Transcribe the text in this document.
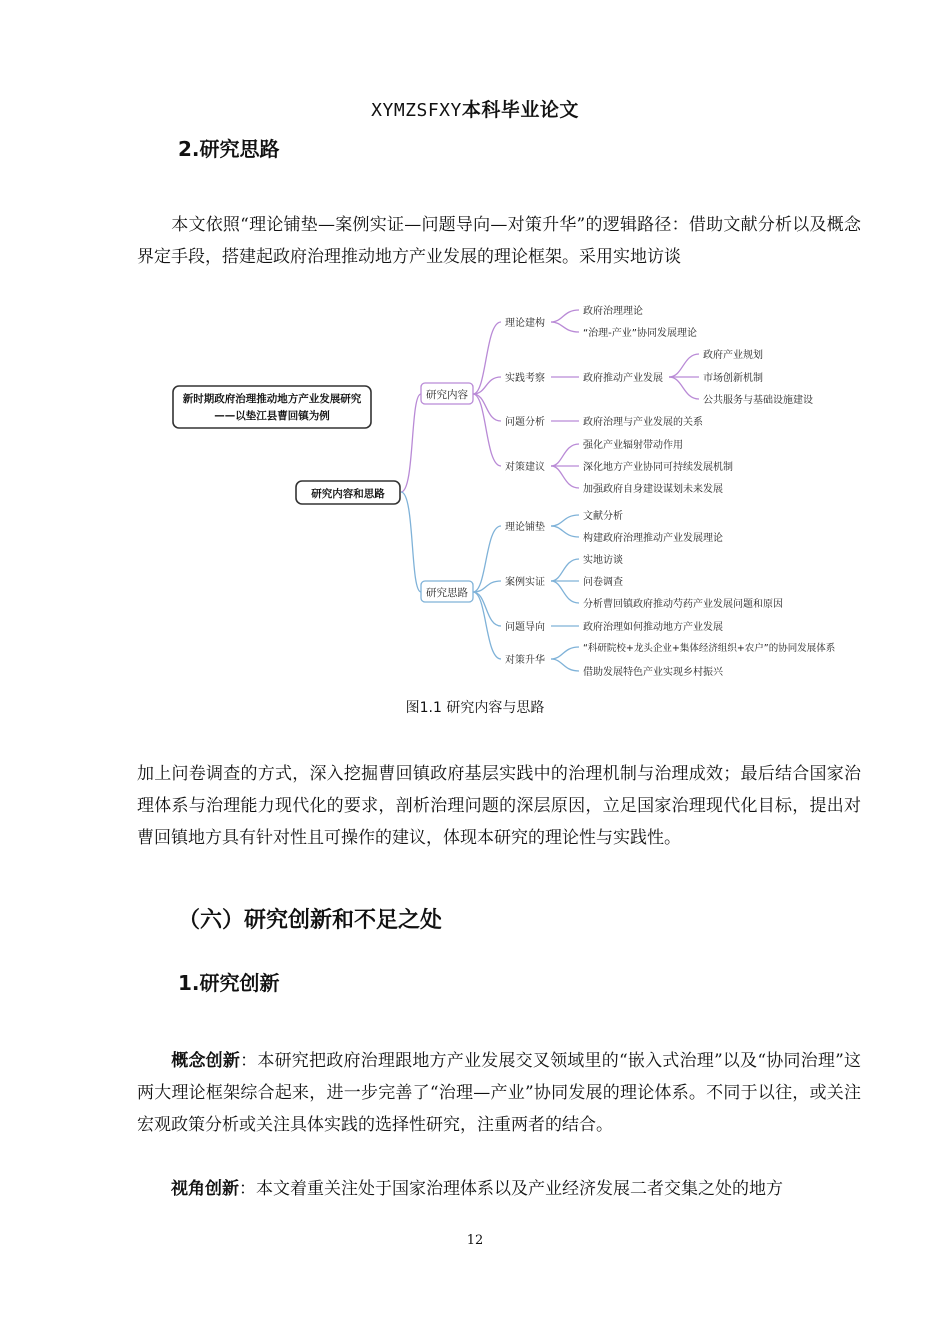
XYMZSFXY本科毕业论文
2.研究思路
本文依照“理论铺垫—案例实证—问题导向—对策升华”的逻辑路径：借助文献分析以及概念界定手段，搭建起政府治理推动地方产业发展的理论框架。采用实地访谈
新时期政府治理推动地方产业发展研究
——以垫江县曹回镇为例
研究内容和思路
研究内容
研究思路
理论建构
实践考察
问题分析
对策建议
政府治理理论
“治理-产业”协同发展理论
政府推动产业发展
政府产业规划
市场创新机制
公共服务与基础设施建设
政府治理与产业发展的关系
强化产业辐射带动作用
深化地方产业协同可持续发展机制
加强政府自身建设谋划未来发展
理论铺垫
案例实证
问题导向
对策升华
文献分析
构建政府治理推动产业发展理论
实地访谈
问卷调查
分析曹回镇政府推动芍药产业发展问题和原因
政府治理如何推动地方产业发展
“科研院校+龙头企业+集体经济组织+农户”的协同发展体系
借助发展特色产业实现乡村振兴
图1.1 研究内容与思路
加上问卷调查的方式，深入挖掘曹回镇政府基层实践中的治理机制与治理成效；最后结合国家治理体系与治理能力现代化的要求，剖析治理问题的深层原因，立足国家治理现代化目标，提出对曹回镇地方具有针对性且可操作的建议，体现本研究的理论性与实践性。
（六）研究创新和不足之处
1.研究创新
概念创新：本研究把政府治理跟地方产业发展交叉领域里的“嵌入式治理”以及“协同治理”这两大理论框架综合起来，进一步完善了“治理—产业”协同发展的理论体系。不同于以往，或关注宏观政策分析或关注具体实践的选择性研究，注重两者的结合。
视角创新：本文着重关注处于国家治理体系以及产业经济发展二者交集之处的地方
12
